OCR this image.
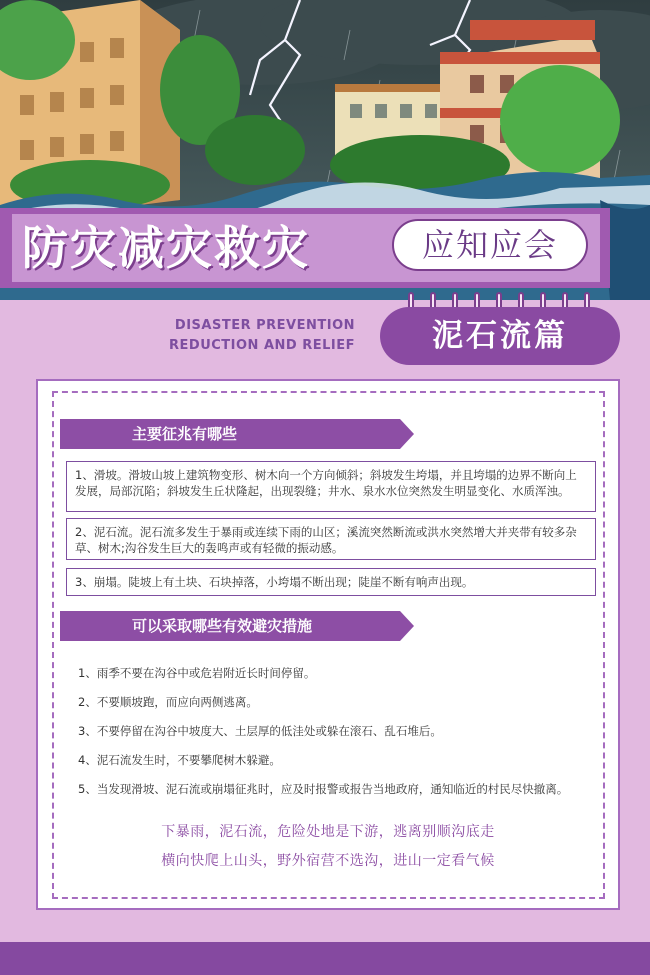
防灾减灾救灾	应知应会
DISASTER PREVENTION
REDUCTION AND RELIEF	泥石流篇
主要征兆有哪些
1、滑坡。滑坡山坡上建筑物变形、树木向一个方向倾斜；斜坡发生垮塌，并且垮塌的边界不断向上发展，局部沉陷；斜坡发生丘状隆起，出现裂缝；井水、泉水水位突然发生明显变化、水质浑浊。
2、泥石流。泥石流多发生于暴雨或连续下雨的山区；溪流突然断流或洪水突然增大并夹带有较多杂草、树木;沟谷发生巨大的轰鸣声或有轻微的振动感。
3、崩塌。陡坡上有土块、石块掉落，小垮塌不断出现；陡崖不断有响声出现。
可以采取哪些有效避灾措施
1、雨季不要在沟谷中或危岩附近长时间停留。
2、不要顺坡跑，而应向两侧逃离。
3、不要停留在沟谷中坡度大、土层厚的低洼处或躲在滚石、乱石堆后。
4、泥石流发生时，不要攀爬树木躲避。
5、当发现滑坡、泥石流或崩塌征兆时，应及时报警或报告当地政府，通知临近的村民尽快撤离。
下暴雨，泥石流，危险处地是下游，逃离别顺沟底走
横向快爬上山头，野外宿营不选沟，进山一定看气候
